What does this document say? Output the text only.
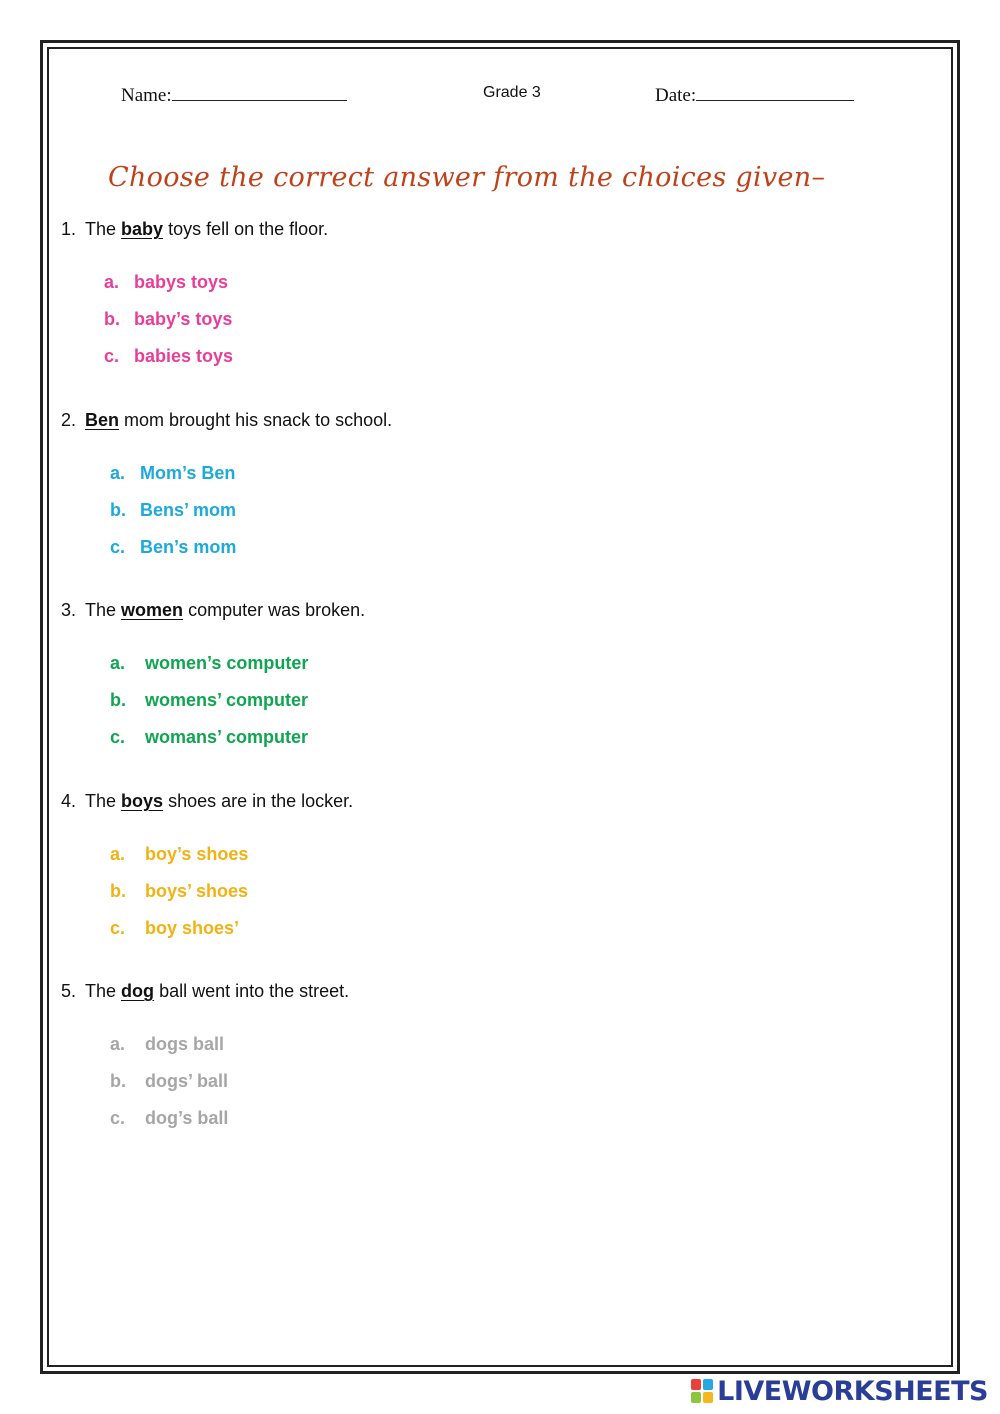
Name:	Grade 3	Date:
Choose the correct answer from the choices given–
1. The baby toys fell on the floor.
a. babys toys
b. baby’s toys
c. babies toys
2. Ben mom brought his snack to school.
a. Mom’s Ben
b. Bens’ mom
c. Ben’s mom
3. The women computer was broken.
a. women’s computer
b. womens’ computer
c. womans’ computer
4. The boys shoes are in the locker.
a. boy’s shoes
b. boys’ shoes
c. boy shoes’
5. The dog ball went into the street.
a. dogs ball
b. dogs’ ball
c. dog’s ball
LIVEWORKSHEETS
